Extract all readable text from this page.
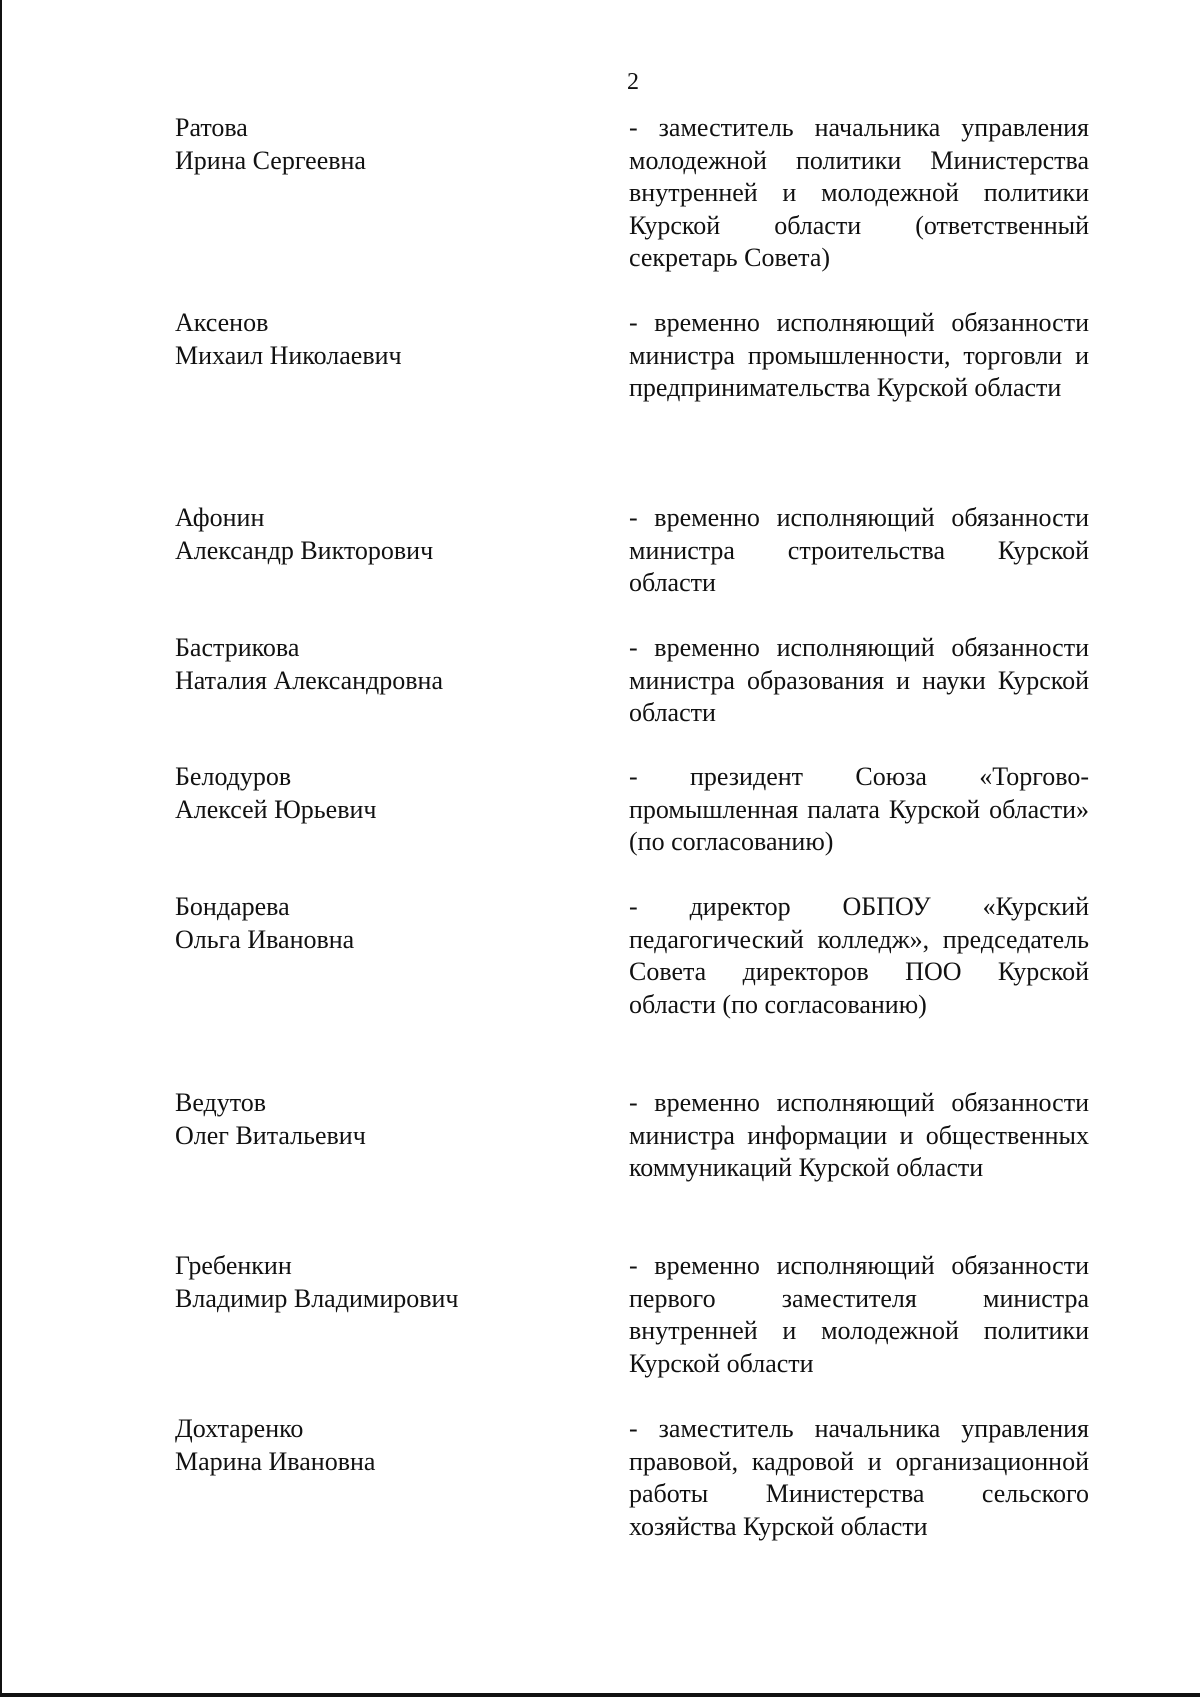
2
Ратова
Ирина Сергеевна
- заместитель начальника управления молодежной политики Министерства внутренней и молодежной политики Курской области (ответственный секретарь Совета)
Аксенов
Михаил Николаевич
- временно исполняющий обязанности министра промышленности, торговли и предпринимательства Курской области
Афонин
Александр Викторович
- временно исполняющий обязанности министра строительства Курской области
Бастрикова
Наталия Александровна
- временно исполняющий обязанности министра образования и науки Курской области
Белодуров
Алексей Юрьевич
- президент Союза «Торгово-промышленная палата Курской области» (по согласованию)
Бондарева
Ольга Ивановна
- директор ОБПОУ «Курский педагогический колледж», председатель Совета директоров ПОО Курской области (по согласованию)
Ведутов
Олег Витальевич
- временно исполняющий обязанности министра информации и общественных коммуникаций Курской области
Гребенкин
Владимир Владимирович
- временно исполняющий обязанности первого заместителя министра внутренней и молодежной политики Курской области
Дохтаренко
Марина Ивановна
- заместитель начальника управления правовой, кадровой и организационной работы Министерства сельского хозяйства Курской области
